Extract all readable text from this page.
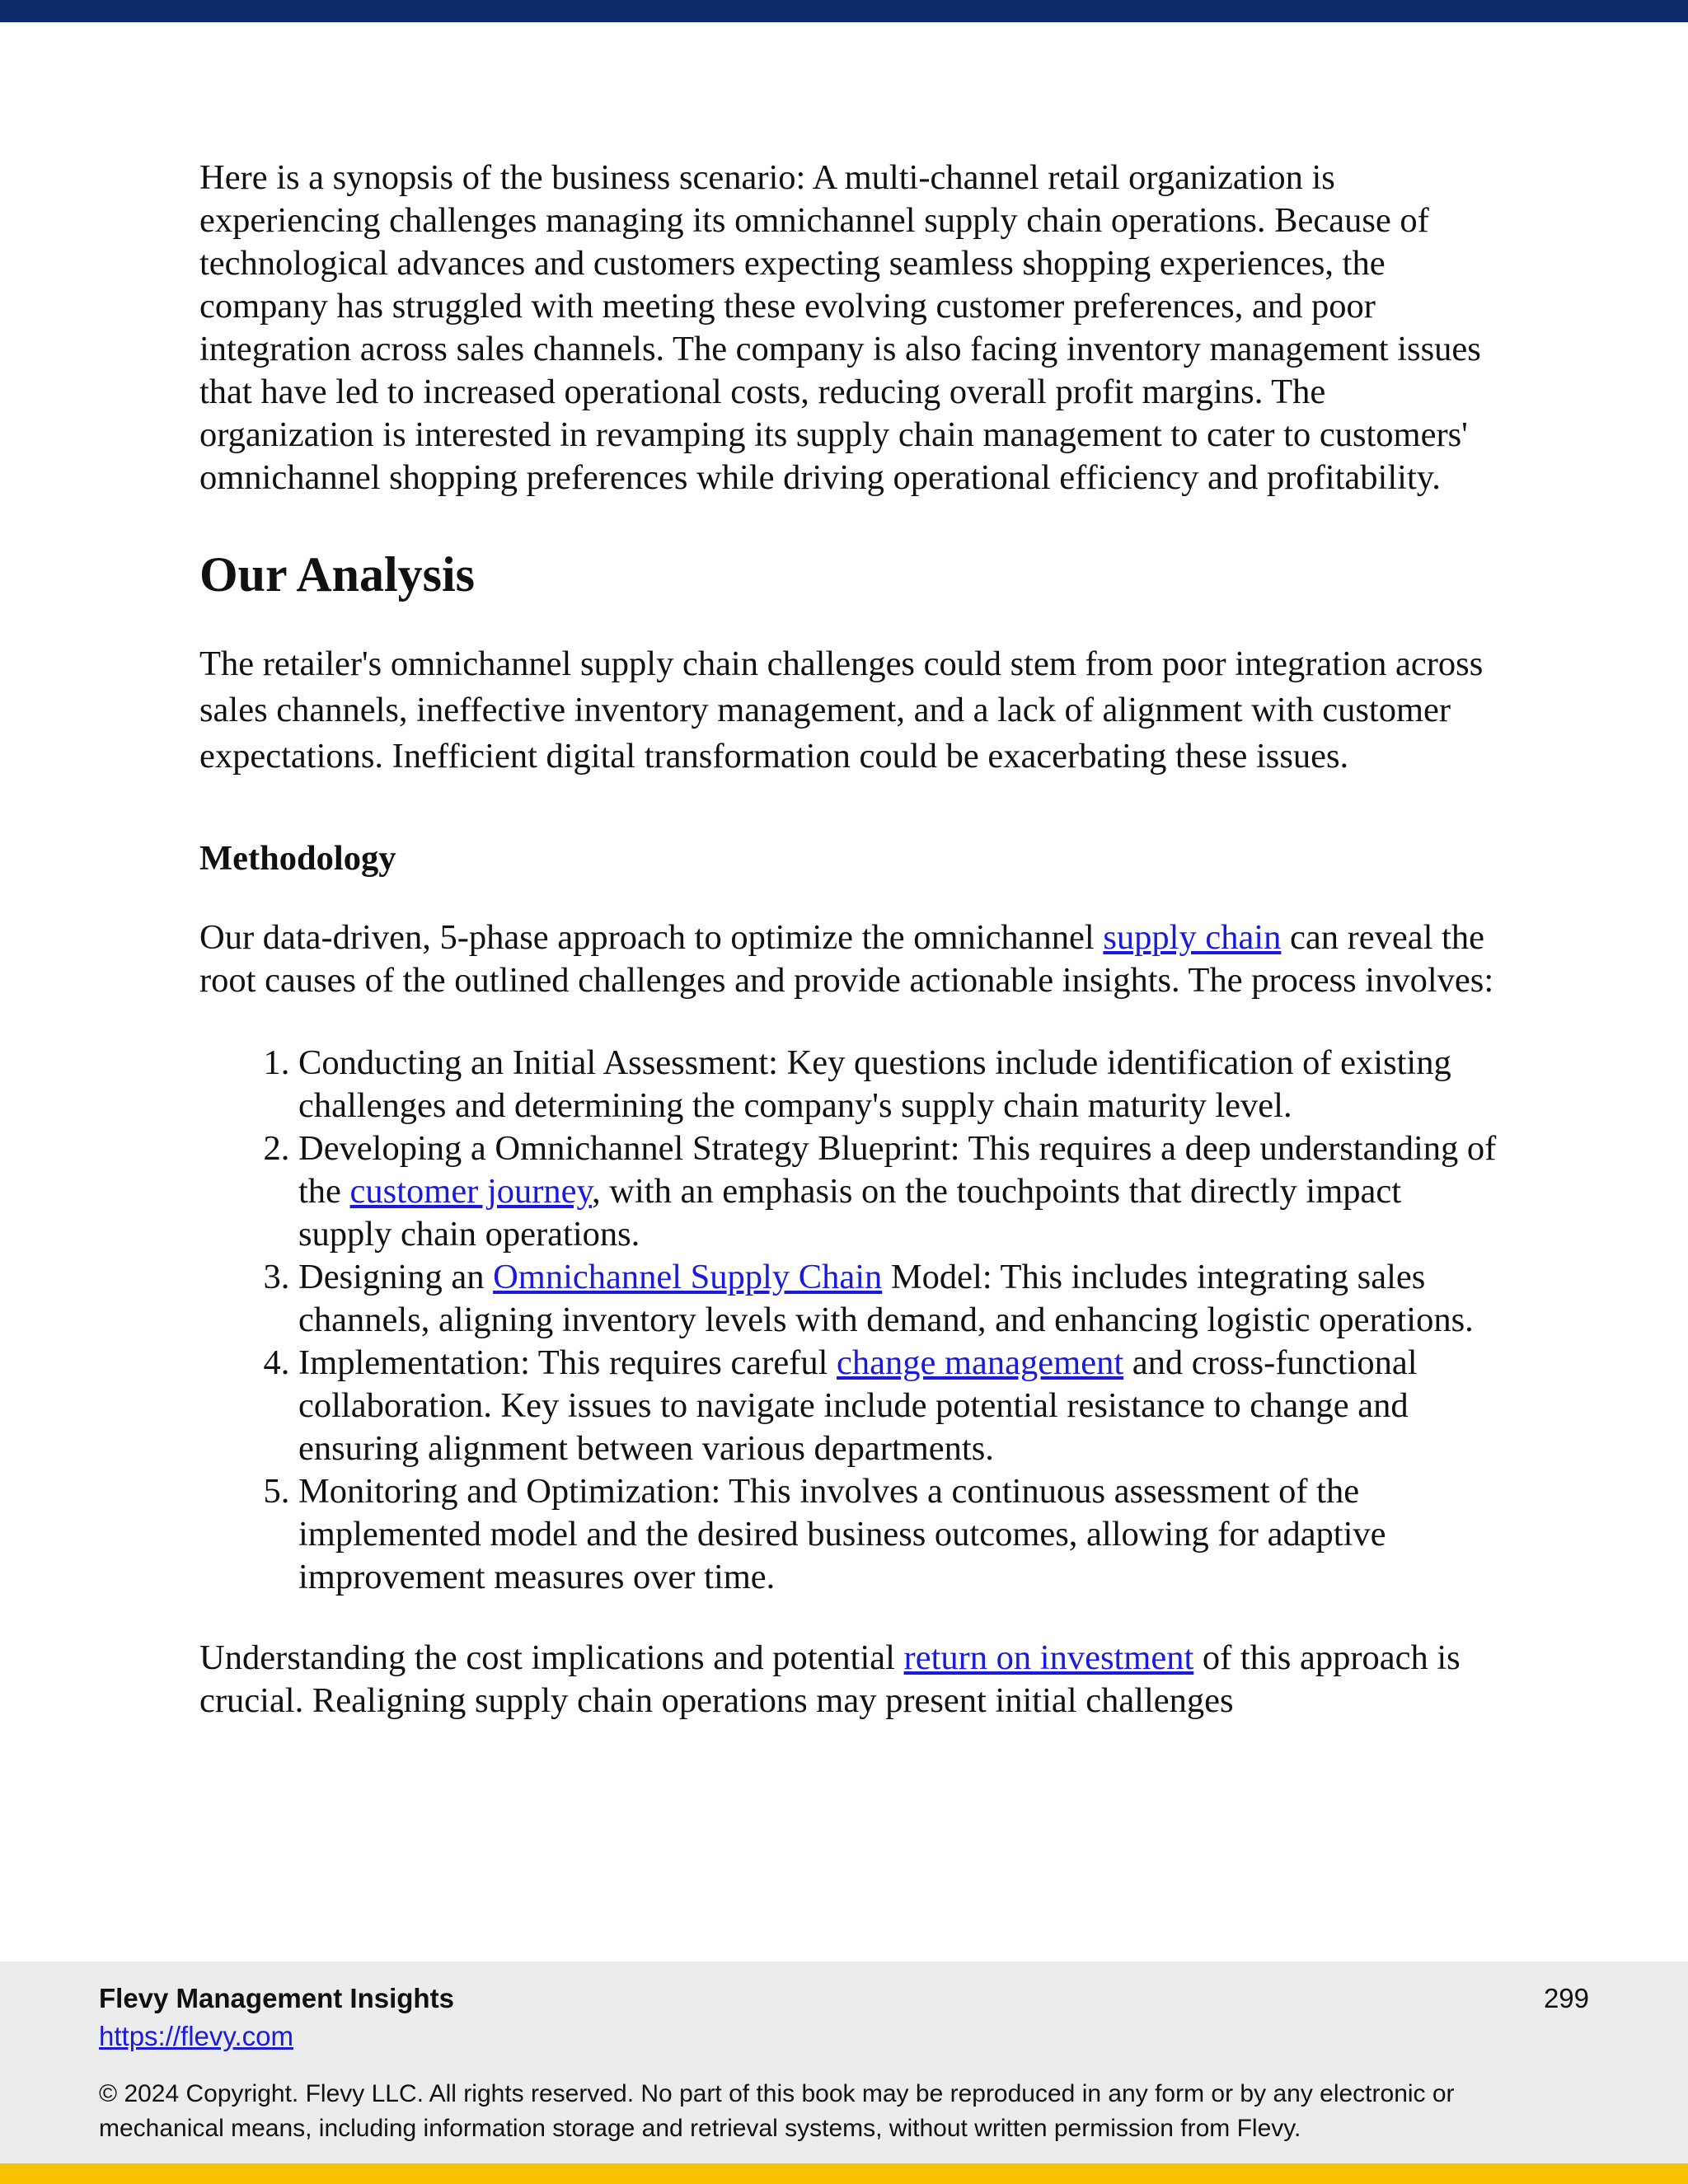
Here is a synopsis of the business scenario: A multi-channel retail organization is experiencing challenges managing its omnichannel supply chain operations. Because of technological advances and customers expecting seamless shopping experiences, the company has struggled with meeting these evolving customer preferences, and poor integration across sales channels. The company is also facing inventory management issues that have led to increased operational costs, reducing overall profit margins. The organization is interested in revamping its supply chain management to cater to customers' omnichannel shopping preferences while driving operational efficiency and profitability.

Our Analysis

The retailer's omnichannel supply chain challenges could stem from poor integration across sales channels, ineffective inventory management, and a lack of alignment with customer expectations. Inefficient digital transformation could be exacerbating these issues.

Methodology

Our data-driven, 5-phase approach to optimize the omnichannel supply chain can reveal the root causes of the outlined challenges and provide actionable insights. The process involves:

1. Conducting an Initial Assessment: Key questions include identification of existing challenges and determining the company's supply chain maturity level.
2. Developing a Omnichannel Strategy Blueprint: This requires a deep understanding of the customer journey, with an emphasis on the touchpoints that directly impact supply chain operations.
3. Designing an Omnichannel Supply Chain Model: This includes integrating sales channels, aligning inventory levels with demand, and enhancing logistic operations.
4. Implementation: This requires careful change management and cross-functional collaboration. Key issues to navigate include potential resistance to change and ensuring alignment between various departments.
5. Monitoring and Optimization: This involves a continuous assessment of the implemented model and the desired business outcomes, allowing for adaptive improvement measures over time.

Understanding the cost implications and potential return on investment of this approach is crucial. Realigning supply chain operations may present initial challenges

Flevy Management Insights
https://flevy.com
299
© 2024 Copyright. Flevy LLC. All rights reserved. No part of this book may be reproduced in any form or by any electronic or mechanical means, including information storage and retrieval systems, without written permission from Flevy.
